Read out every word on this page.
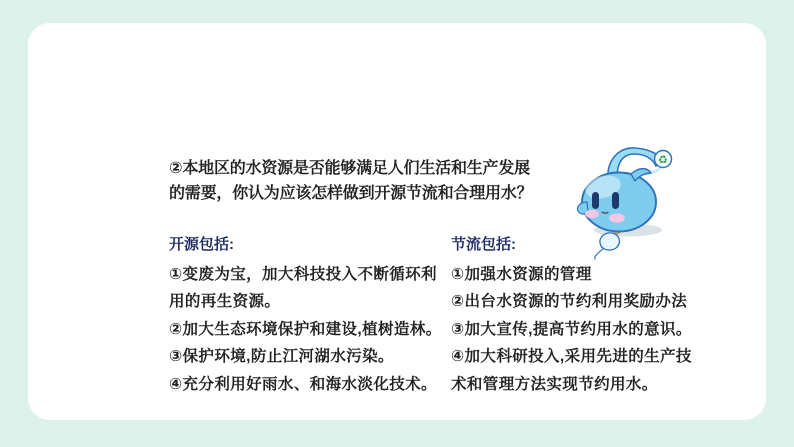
②本地区的水资源是否能够满足人们生活和生产发展
的需要，你认为应该怎样做到开源节流和合理用水？
开源包括:
①变废为宝，加大科技投入不断循环利
用的再生资源。
②加大生态环境保护和建设,植树造林。
③保护环境,防止江河湖水污染。
④充分利用好雨水、和海水淡化技术。
节流包括:
①加强水资源的管理
②出台水资源的节约利用奖励办法
③加大宣传,提高节约用水的意识。
④加大科研投入,采用先进的生产技
术和管理方法实现节约用水。
♻
